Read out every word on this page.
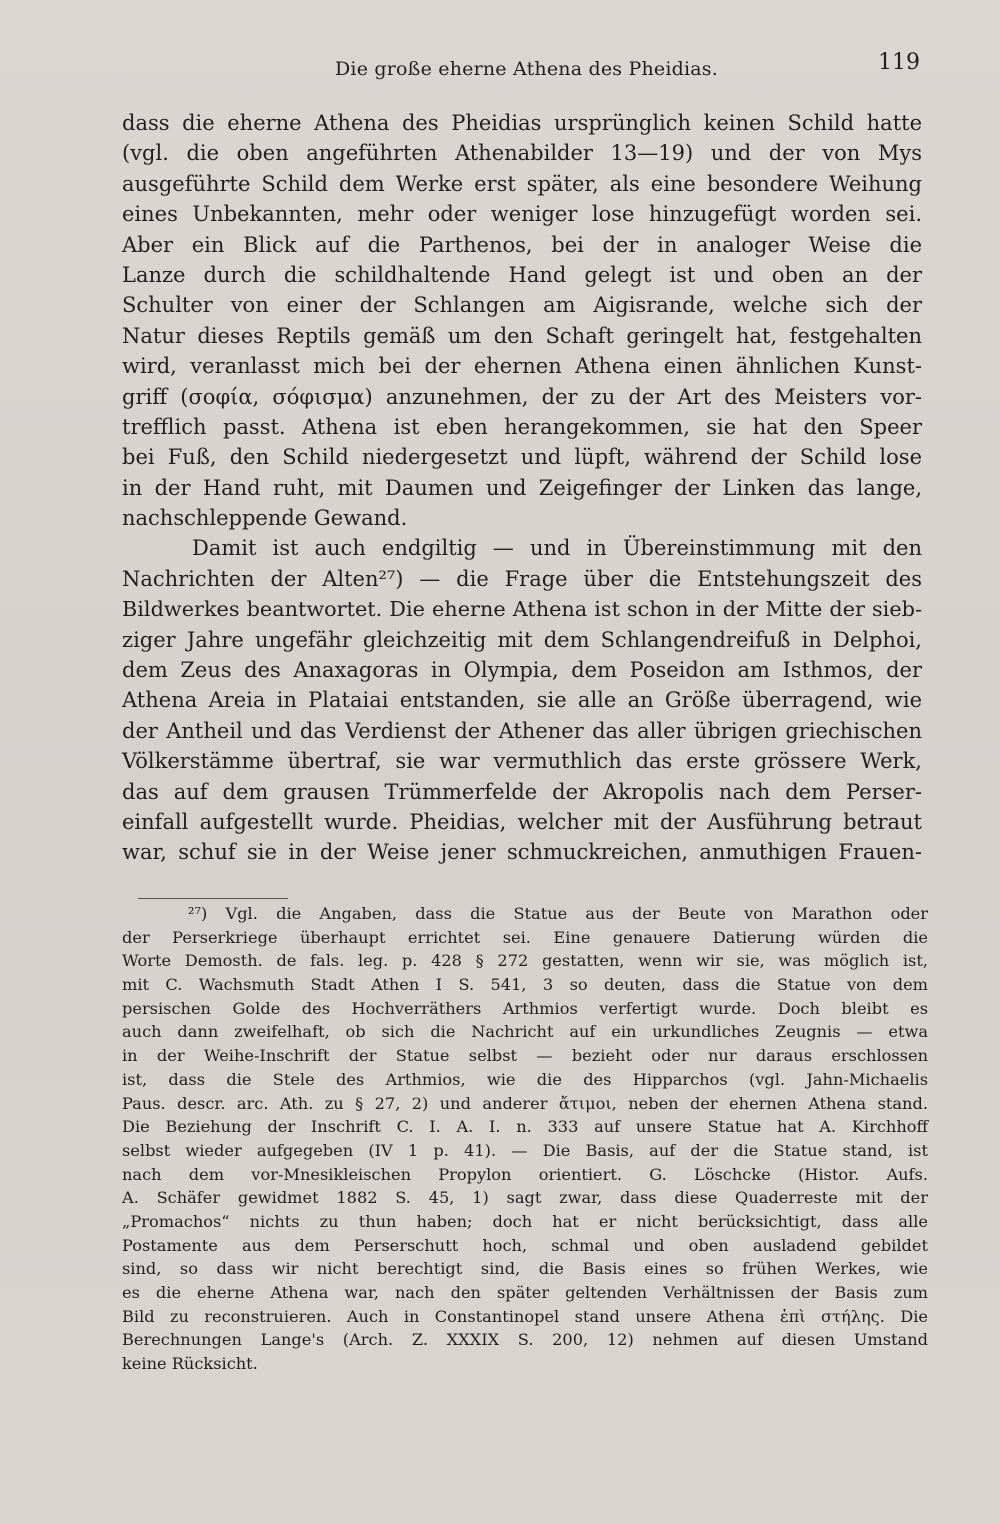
Die große eherne Athena des Pheidias.	119
dass die eherne Athena des Pheidias ursprünglich keinen Schild hatte
(vgl. die oben angeführten Athenabilder 13—19) und der von Mys
ausgeführte Schild dem Werke erst später, als eine besondere Weihung
eines Unbekannten, mehr oder weniger lose hinzugefügt worden sei.
Aber ein Blick auf die Parthenos, bei der in analoger Weise die
Lanze durch die schildhaltende Hand gelegt ist und oben an der
Schulter von einer der Schlangen am Aigisrande, welche sich der
Natur dieses Reptils gemäß um den Schaft geringelt hat, festgehalten
wird, veranlasst mich bei der ehernen Athena einen ähnlichen Kunst-
griff (σοφία, σόφισμα) anzunehmen, der zu der Art des Meisters vor-
trefflich passt. Athena ist eben herangekommen, sie hat den Speer
bei Fuß, den Schild niedergesetzt und lüpft, während der Schild lose
in der Hand ruht, mit Daumen und Zeigefinger der Linken das lange,
nachschleppende Gewand.
Damit ist auch endgiltig — und in Übereinstimmung mit den
Nachrichten der Alten²⁷) — die Frage über die Entstehungszeit des
Bildwerkes beantwortet. Die eherne Athena ist schon in der Mitte der sieb-
ziger Jahre ungefähr gleichzeitig mit dem Schlangendreifuß in Delphoi,
dem Zeus des Anaxagoras in Olympia, dem Poseidon am Isthmos, der
Athena Areia in Plataiai entstanden, sie alle an Größe überragend, wie
der Antheil und das Verdienst der Athener das aller übrigen griechischen
Völkerstämme übertraf, sie war vermuthlich das erste grössere Werk,
das auf dem grausen Trümmerfelde der Akropolis nach dem Perser-
einfall aufgestellt wurde. Pheidias, welcher mit der Ausführung betraut
war, schuf sie in der Weise jener schmuckreichen, anmuthigen Frauen-
²⁷) Vgl. die Angaben, dass die Statue aus der Beute von Marathon oder
der Perserkriege überhaupt errichtet sei. Eine genauere Datierung würden die
Worte Demosth. de fals. leg. p. 428 § 272 gestatten, wenn wir sie, was möglich ist,
mit C. Wachsmuth Stadt Athen I S. 541, 3 so deuten, dass die Statue von dem
persischen Golde des Hochverräthers Arthmios verfertigt wurde. Doch bleibt es
auch dann zweifelhaft, ob sich die Nachricht auf ein urkundliches Zeugnis — etwa
in der Weihe-Inschrift der Statue selbst — bezieht oder nur daraus erschlossen
ist, dass die Stele des Arthmios, wie die des Hipparchos (vgl. Jahn-Michaelis
Paus. descr. arc. Ath. zu § 27, 2) und anderer ἄτιμοι, neben der ehernen Athena stand.
Die Beziehung der Inschrift C. I. A. I. n. 333 auf unsere Statue hat A. Kirchhoff
selbst wieder aufgegeben (IV 1 p. 41). — Die Basis, auf der die Statue stand, ist
nach dem vor-Mnesikleischen Propylon orientiert. G. Löschcke (Histor. Aufs.
A. Schäfer gewidmet 1882 S. 45, 1) sagt zwar, dass diese Quaderreste mit der
„Promachos“ nichts zu thun haben; doch hat er nicht berücksichtigt, dass alle
Postamente aus dem Perserschutt hoch, schmal und oben ausladend gebildet
sind, so dass wir nicht berechtigt sind, die Basis eines so frühen Werkes, wie
es die eherne Athena war, nach den später geltenden Verhältnissen der Basis zum
Bild zu reconstruieren. Auch in Constantinopel stand unsere Athena ἐπὶ στήλης. Die
Berechnungen Lange's (Arch. Z. XXXIX S. 200, 12) nehmen auf diesen Umstand
keine Rücksicht.
